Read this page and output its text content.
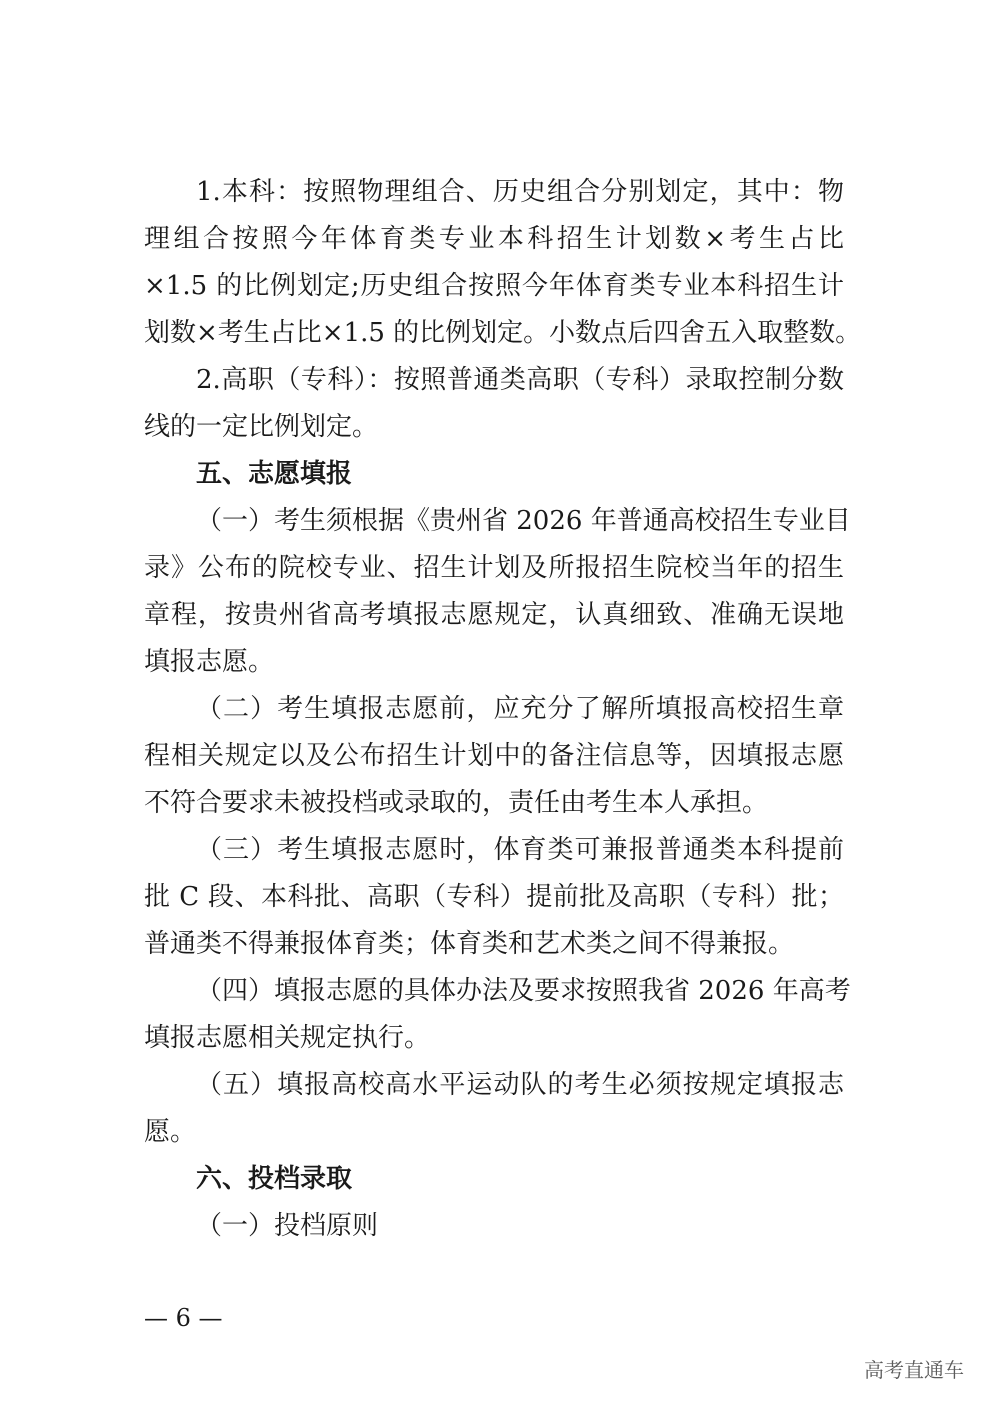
1.本科：按照物理组合、历史组合分别划定，其中：物
理组合按照今年体育类专业本科招生计划数×考生占比
×1.5 的比例划定;历史组合按照今年体育类专业本科招生计
划数×考生占比×1.5 的比例划定。小数点后四舍五入取整数。
2.高职（专科）：按照普通类高职（专科）录取控制分数
线的一定比例划定。
五、志愿填报
（一）考生须根据《贵州省 2026 年普通高校招生专业目
录》公布的院校专业、招生计划及所报招生院校当年的招生
章程，按贵州省高考填报志愿规定，认真细致、准确无误地
填报志愿。
（二）考生填报志愿前，应充分了解所填报高校招生章
程相关规定以及公布招生计划中的备注信息等，因填报志愿
不符合要求未被投档或录取的，责任由考生本人承担。
（三）考生填报志愿时，体育类可兼报普通类本科提前
批 C 段、本科批、高职（专科）提前批及高职（专科）批；
普通类不得兼报体育类；体育类和艺术类之间不得兼报。
（四）填报志愿的具体办法及要求按照我省 2026 年高考
填报志愿相关规定执行。
（五）填报高校高水平运动队的考生必须按规定填报志
愿。
六、投档录取
（一）投档原则
— 6 —
高考直通车
